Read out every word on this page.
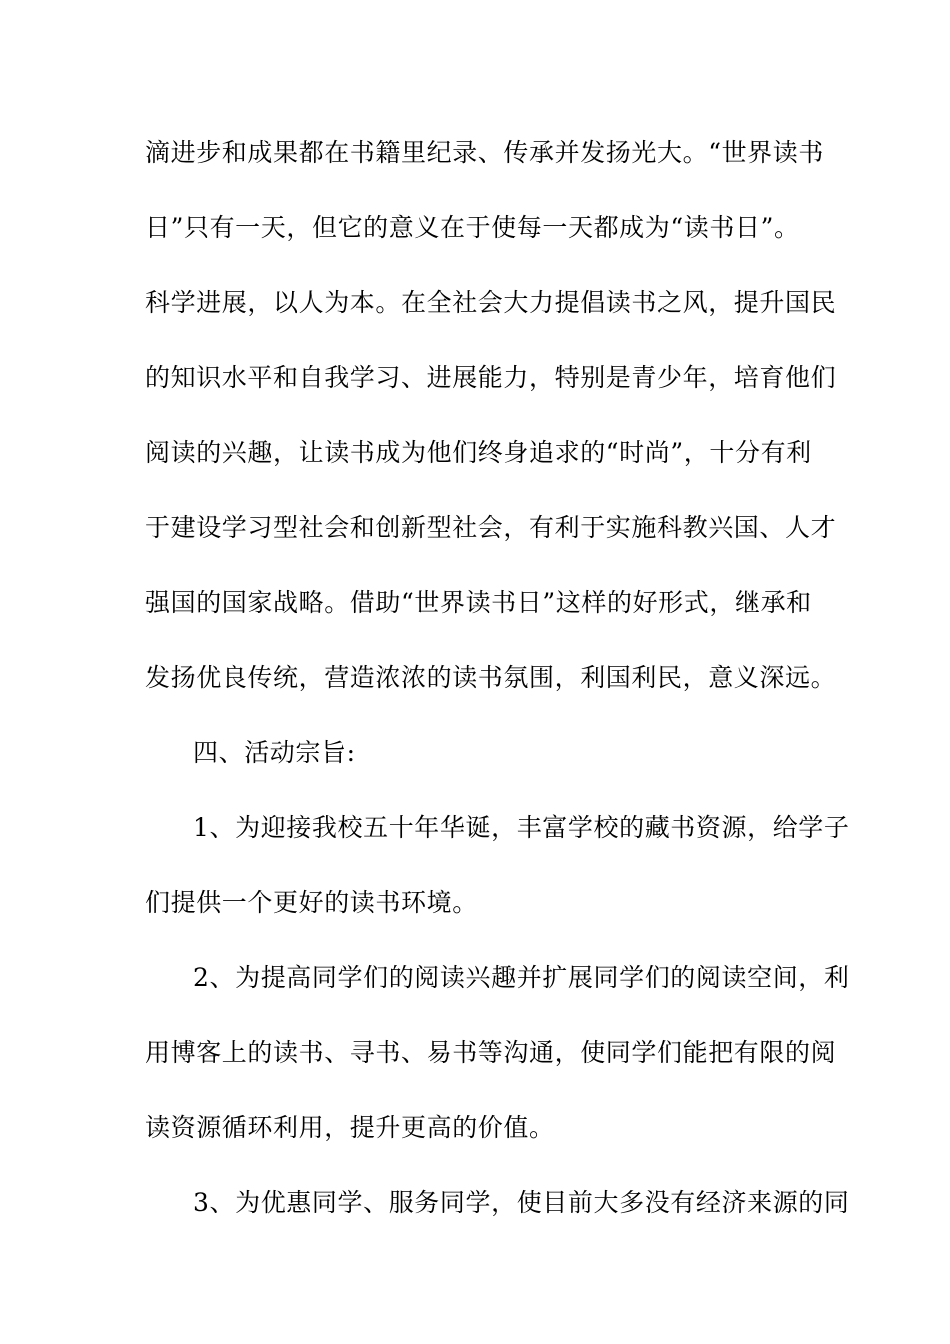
滴进步和成果都在书籍里纪录、传承并发扬光大。“世界读书
日”只有一天，但它的意义在于使每一天都成为“读书日”。
科学进展，以人为本。在全社会大力提倡读书之风，提升国民
的知识水平和自我学习、进展能力，特别是青少年，培育他们
阅读的兴趣，让读书成为他们终身追求的“时尚”，十分有利
于建设学习型社会和创新型社会，有利于实施科教兴国、人才
强国的国家战略。借助“世界读书日”这样的好形式，继承和
发扬优良传统，营造浓浓的读书氛围，利国利民，意义深远。
四、活动宗旨:
1、为迎接我校五十年华诞，丰富学校的藏书资源，给学子
们提供一个更好的读书环境。
2、为提高同学们的阅读兴趣并扩展同学们的阅读空间，利
用博客上的读书、寻书、易书等沟通，使同学们能把有限的阅
读资源循环利用，提升更高的价值。
3、为优惠同学、服务同学，使目前大多没有经济来源的同
